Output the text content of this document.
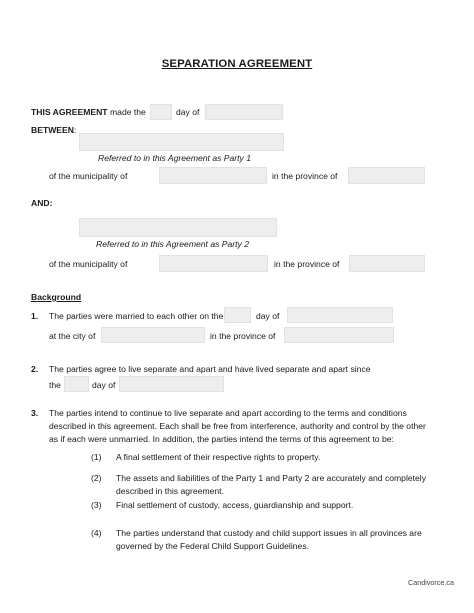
SEPARATION AGREEMENT
THIS AGREEMENT made the	day of
BETWEEN:
Referred to in this Agreement as Party 1
of the municipality of	in the province of
AND:
Referred to in this Agreement as Party 2
of the municipality of	in the province of
Background
1. The parties were married to each other on the	day of
at the city of	in the province of
2. The parties agree to live separate and apart and have lived separate and apart since
the	day of
3. The parties intend to continue to live separate and apart according to the terms and conditions
described in this agreement. Each shall be free from interference, authority and control by the other
as if each were unmarried. In addition, the parties intend the terms of this agreement to be:
(1) A final settlement of their respective rights to property.
(2) The assets and liabilities of the Party 1 and Party 2 are accurately and completely described in this agreement.
(3) Final settlement of custody, access, guardianship and support.
(4) The parties understand that custody and child support issues in all provinces are governed by the Federal Child Support Guidelines.
Candivorce.ca
